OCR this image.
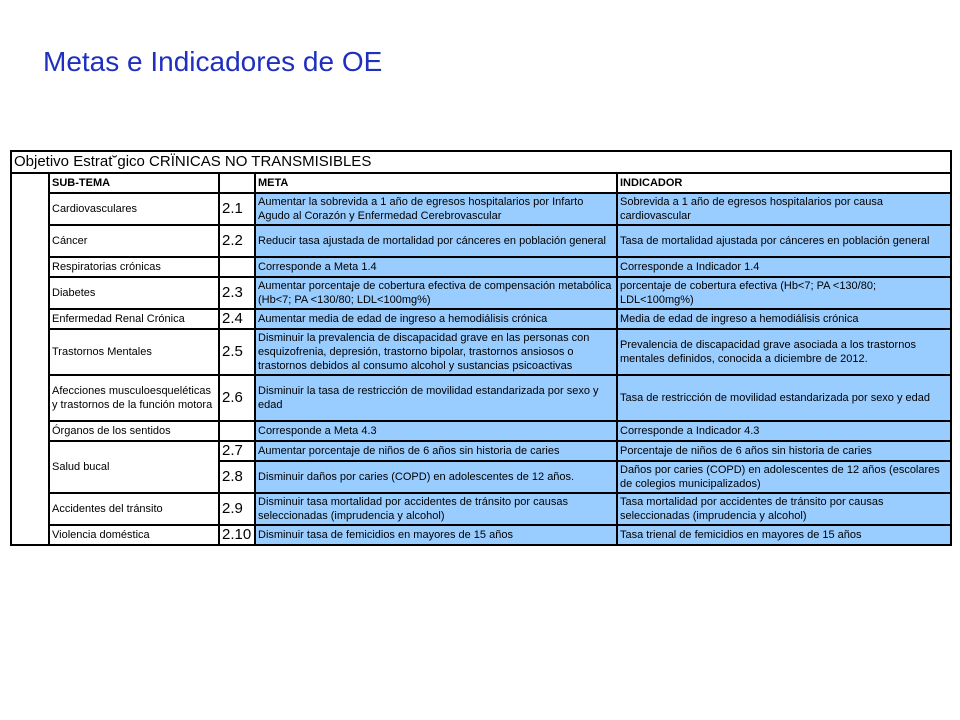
Metas e Indicadores de OE
Objetivo Estrat˘gico CRÏNICAS NO TRANSMISIBLES				
	SUB-TEMA		META	INDICADOR
	Cardiovasculares	2.1	Aumentar la sobrevida a 1 año de egresos hospitalarios por Infarto Agudo al Corazón y Enfermedad Cerebrovascular	Sobrevida a 1 año de egresos hospitalarios por causa cardiovascular
	Cáncer	2.2	Reducir tasa ajustada de mortalidad por cánceres en población general	Tasa de mortalidad ajustada por cánceres en población general
	Respiratorias crónicas		Corresponde a Meta 1.4	Corresponde a Indicador 1.4
	Diabetes	2.3	Aumentar porcentaje de cobertura efectiva de compensación metabólica (Hb<7; PA <130/80; LDL<100mg%)	porcentaje de cobertura efectiva (Hb<7; PA <130/80; LDL<100mg%)
	Enfermedad Renal Crónica	2.4	Aumentar media de edad de ingreso a hemodiálisis crónica	Media de edad de ingreso a hemodiálisis crónica
	Trastornos Mentales	2.5	Disminuir la prevalencia de discapacidad grave en las personas con esquizofrenia, depresión, trastorno bipolar, trastornos ansiosos o trastornos debidos al consumo alcohol y sustancias psicoactivas	Prevalencia de discapacidad grave asociada a los trastornos mentales definidos, conocida a diciembre de 2012.
	Afecciones musculoesqueléticas y trastornos de la función motora	2.6	Disminuir la tasa de restricción de movilidad estandarizada por sexo y edad	Tasa de restricción de movilidad estandarizada por sexo y edad
	Órganos de los sentidos		Corresponde a Meta 4.3	Corresponde a Indicador 4.3
	Salud bucal	2.7	Aumentar porcentaje de niños de 6 años sin historia de caries	Porcentaje de niños de 6 años sin historia de caries
		2.8	Disminuir daños por caries (COPD) en adolescentes de 12 años.	Daños por caries (COPD) en adolescentes de 12 años (escolares de colegios municipalizados)
	Accidentes del tránsito	2.9	Disminuir tasa mortalidad por accidentes de tránsito por causas seleccionadas (imprudencia y alcohol)	Tasa mortalidad por accidentes de tránsito por causas seleccionadas (imprudencia y alcohol)
	Violencia doméstica	2.10	Disminuir tasa de femicidios en mayores de 15 años	Tasa trienal de femicidios en mayores de 15 años
